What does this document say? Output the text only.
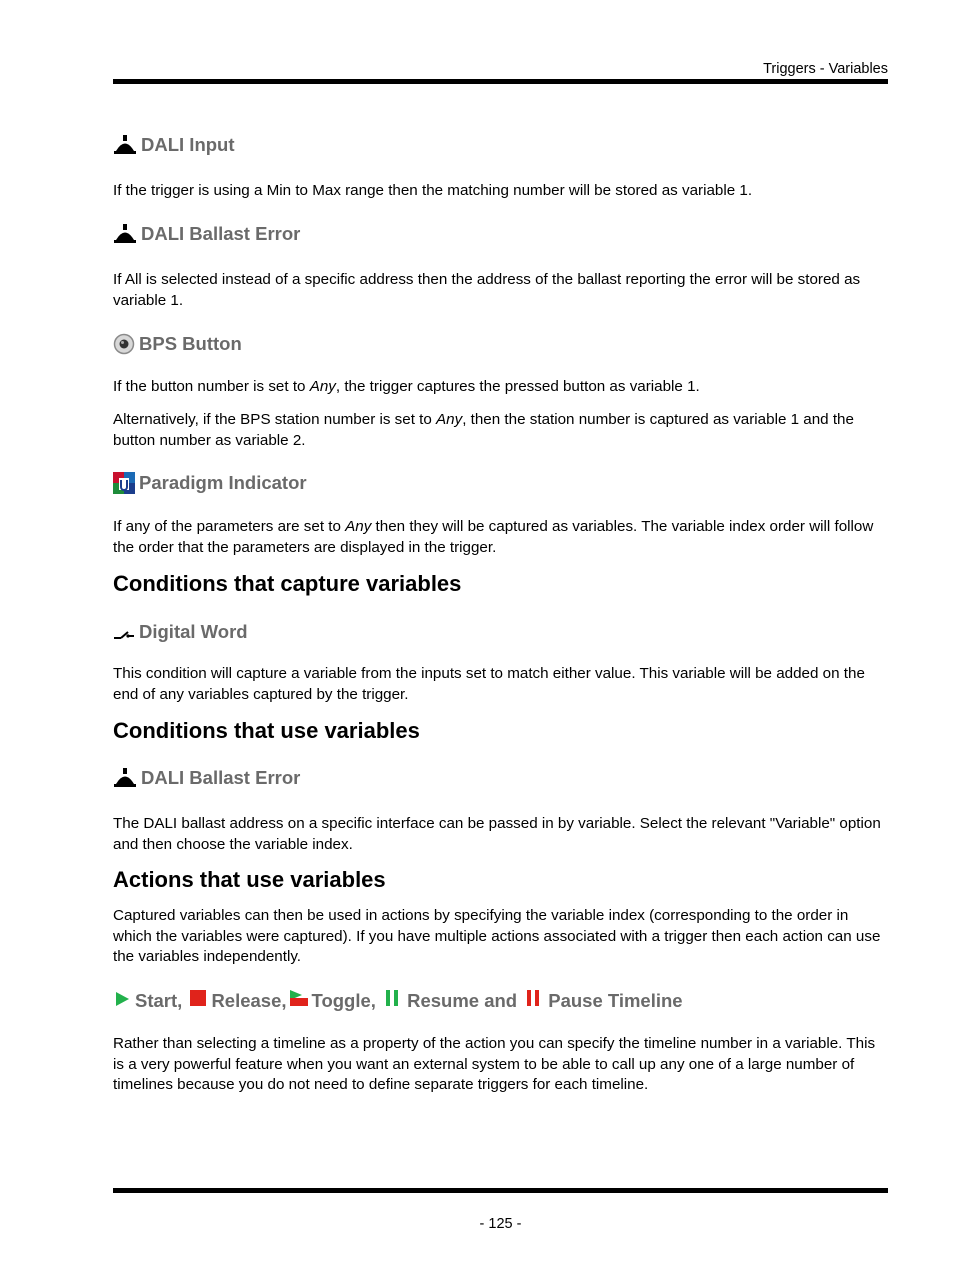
Triggers - Variables
DALI Input
If the trigger is using a Min to Max range then the matching number will be stored as variable 1.
DALI Ballast Error
If All is selected instead of a specific address then the address of the ballast reporting the error will be stored as variable 1.
BPS Button
If the button number is set to Any, the trigger captures the pressed button as variable 1.
Alternatively, if the BPS station number is set to Any, then the station number is captured as variable 1 and the button number as variable 2.
Paradigm Indicator
If any of the parameters are set to Any then they will be captured as variables. The variable index order will follow the order that the parameters are displayed in the trigger.
Conditions that capture variables
Digital Word
This condition will capture a variable from the inputs set to match either value. This variable will be added on the end of any variables captured by the trigger.
Conditions that use variables
DALI Ballast Error
The DALI ballast address on a specific interface can be passed in by variable. Select the relevant "Variable" option and then choose the variable index.
Actions that use variables
Captured variables can then be used in actions by specifying the variable index (corresponding to the order in which the variables were captured). If you have multiple actions associated with a trigger then each action can use the variables independently.
Start, Release, Toggle, Resume and Pause Timeline
Rather than selecting a timeline as a property of the action you can specify the timeline number in a variable. This is a very powerful feature when you want an external system to be able to call up any one of a large number of timelines because you do not need to define separate triggers for each timeline.
- 125 -
